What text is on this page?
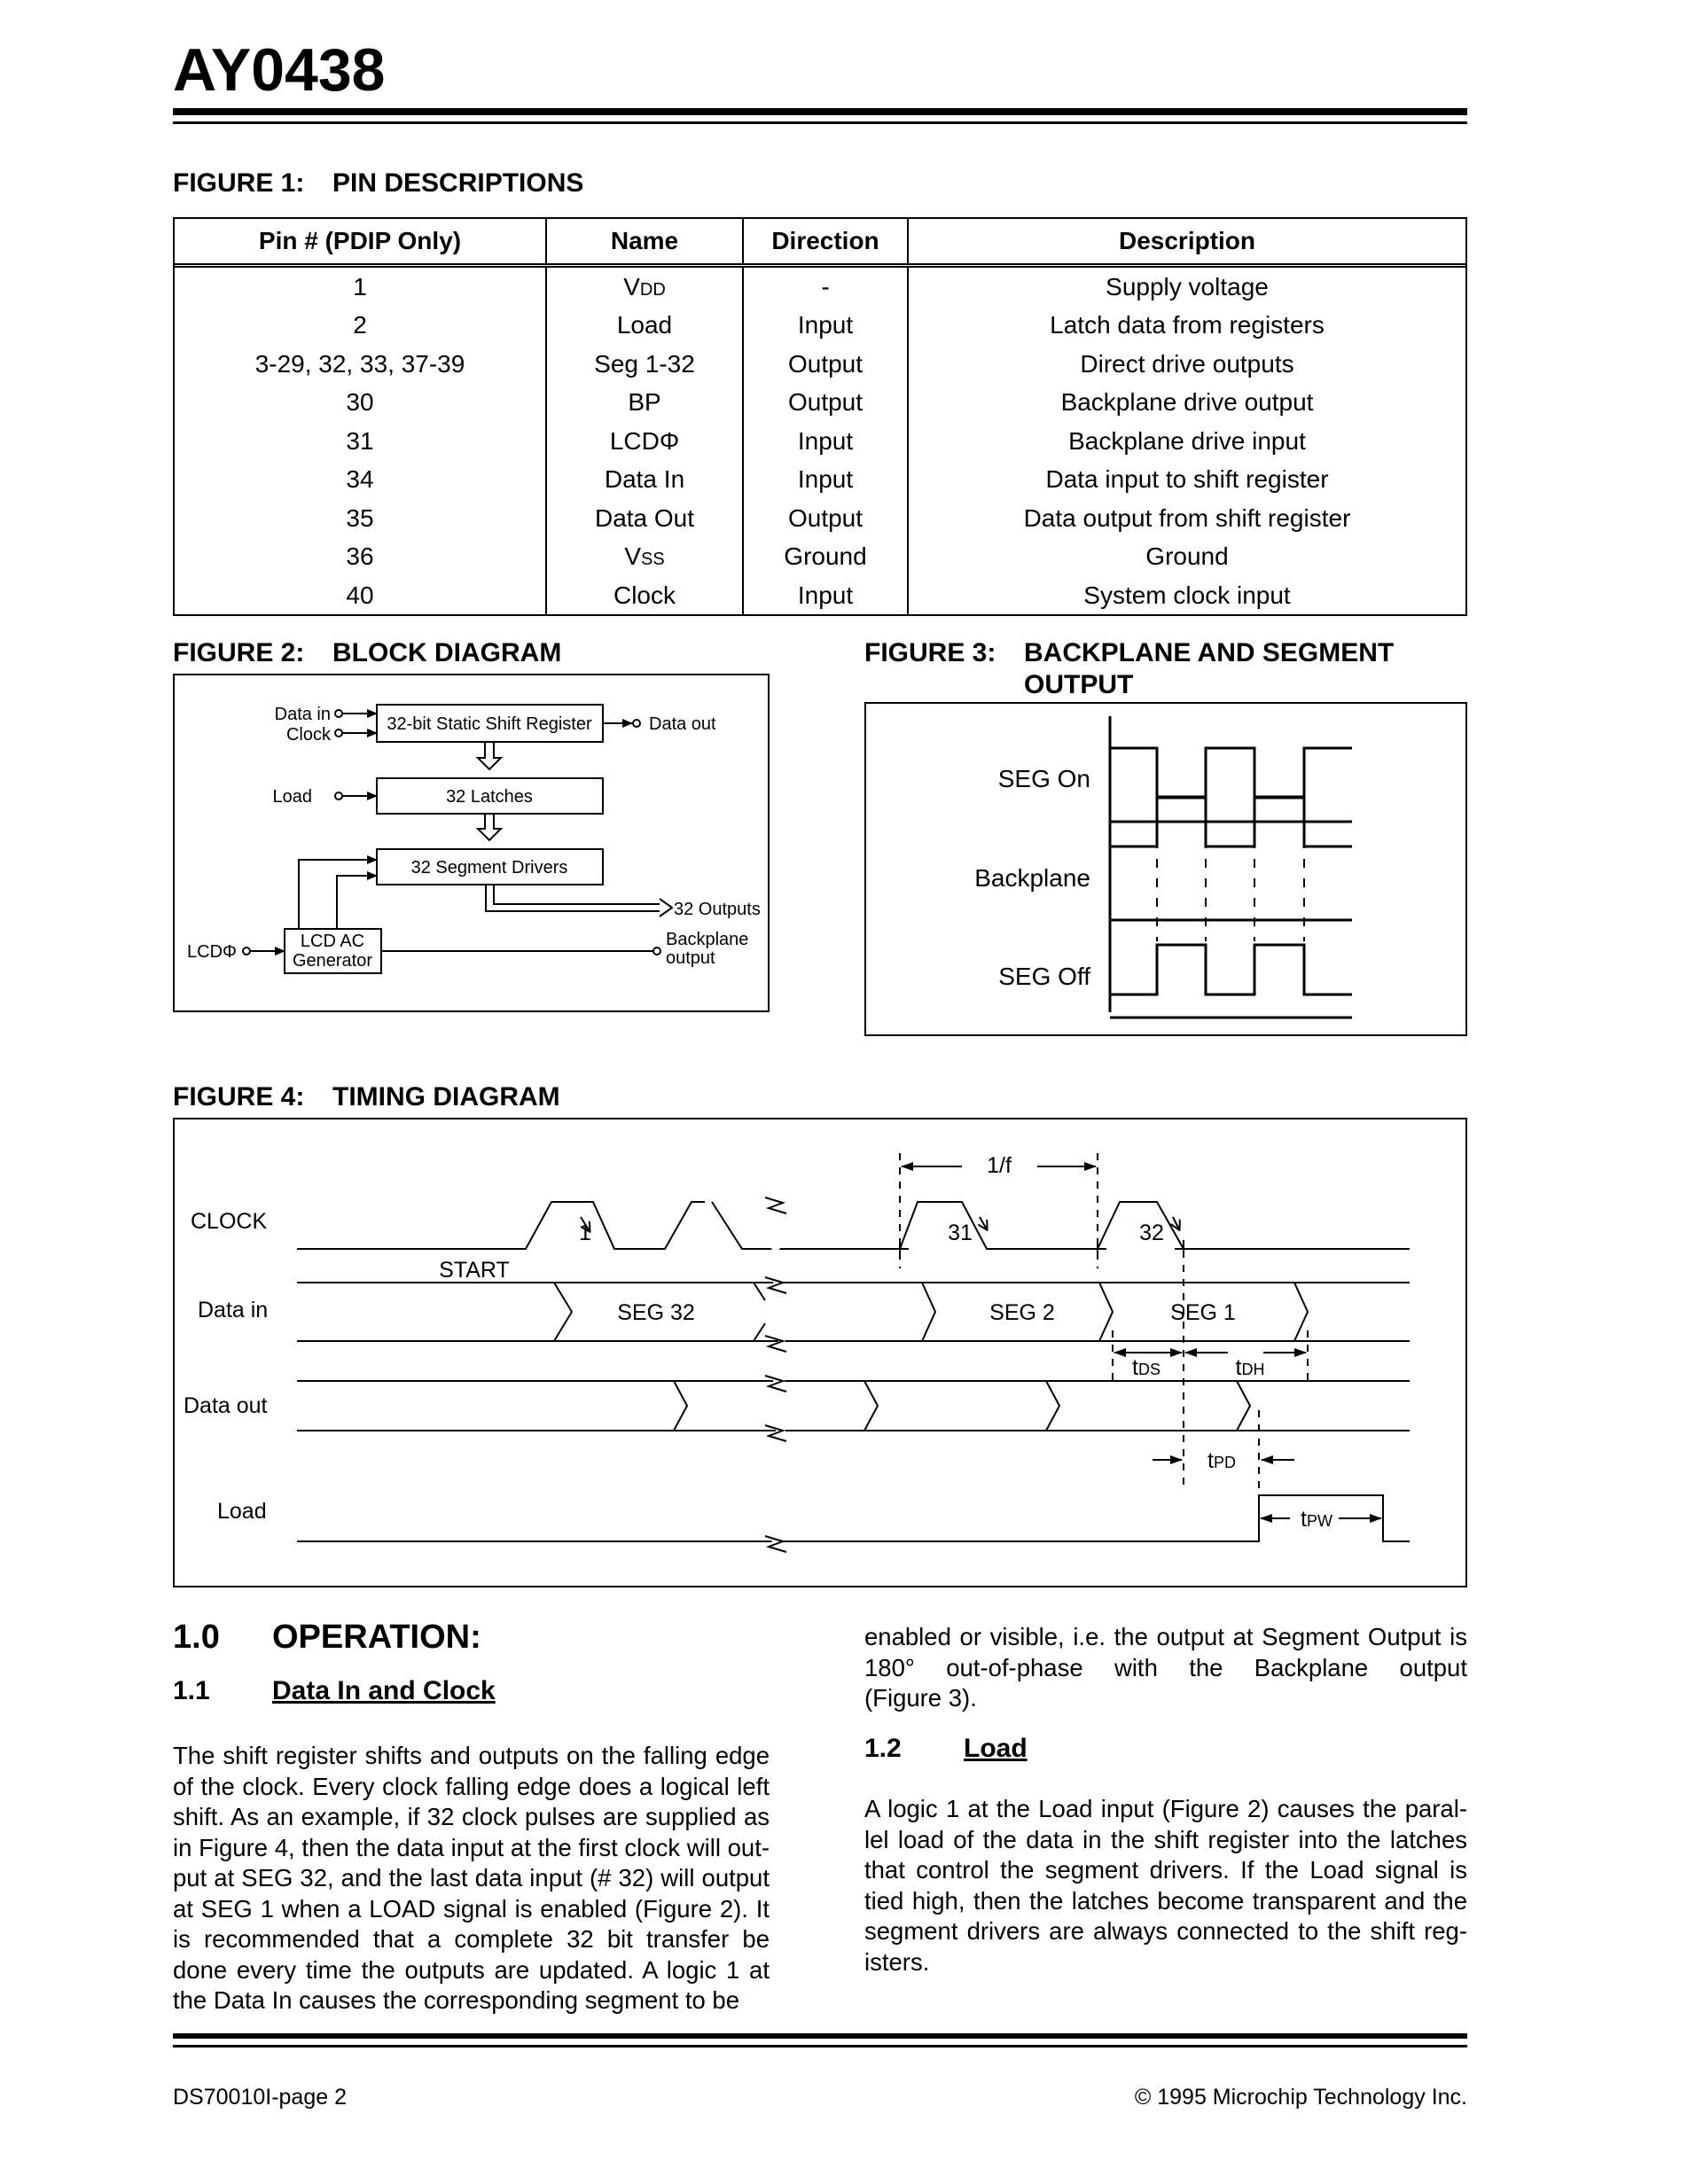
AY0438
FIGURE 1: PIN DESCRIPTIONS
Pin # (PDIP Only)	Name	Direction	Description
1	VDD	-	Supply voltage
2	Load	Input	Latch data from registers
3-29, 32, 33, 37-39	Seg 1-32	Output	Direct drive outputs
30	BP	Output	Backplane drive output
31	LCDΦ	Input	Backplane drive input
34	Data In	Input	Data input to shift register
35	Data Out	Output	Data output from shift register
36	VSS	Ground	Ground
40	Clock	Input	System clock input
FIGURE 2: BLOCK DIAGRAM
Data in
Clock
Load
32-bit Static Shift Register
32 Latches
32 Segment Drivers
LCD AC
Generator
Data out
32 Outputs
LCDΦ
Backplane
output
FIGURE 3: BACKPLANE AND SEGMENT
OUTPUT
SEG On
Backplane
SEG Off
FIGURE 4: TIMING DIAGRAM
CLOCK
Data in
Data out
Load
1/f
1	31	32
START
SEG 32	SEG 2	SEG 1
tDS	tDH
tPD
tPW
1.0 OPERATION:
1.1 Data In and Clock
The shift register shifts and outputs on the falling edge
of the clock. Every clock falling edge does a logical left
shift. As an example, if 32 clock pulses are supplied as
in Figure 4, then the data input at the first clock will out-
put at SEG 32, and the last data input (# 32) will output
at SEG 1 when a LOAD signal is enabled (Figure 2). It
is recommended that a complete 32 bit transfer be
done every time the outputs are updated. A logic 1 at
the Data In causes the corresponding segment to be
enabled or visible, i.e. the output at Segment Output is
180° out-of-phase with the Backplane output
(Figure 3).
1.2 Load
A logic 1 at the Load input (Figure 2) causes the paral-
lel load of the data in the shift register into the latches
that control the segment drivers. If the Load signal is
tied high, then the latches become transparent and the
segment drivers are always connected to the shift reg-
isters.
DS70010I-page 2	© 1995 Microchip Technology Inc.
